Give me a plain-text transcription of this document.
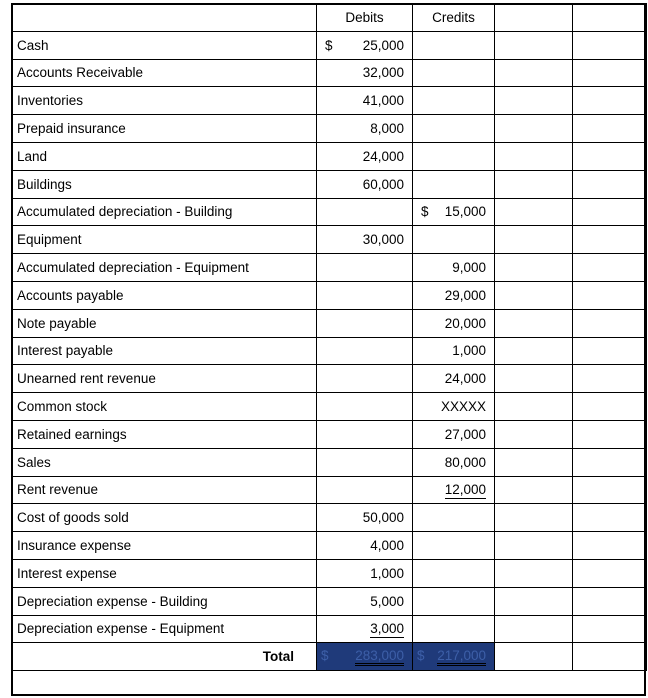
	Debits	Credits		
Cash	$ 25,000			

Accounts Receivable	32,000			
Inventories	41,000			
Prepaid insurance	8,000			
Land	24,000			
Buildings	60,000			
Accumulated depreciation - Building		$ 15,000		

Equipment	30,000			
Accumulated depreciation - Equipment		9,000		
Accounts payable		29,000		
Note payable		20,000		
Interest payable		1,000		
Unearned rent revenue		24,000		
Common stock		XXXXX		
Retained earnings		27,000		
Sales		80,000		
Rent revenue		12,000		
Cost of goods sold	50,000			
Insurance expense	4,000			
Interest expense	1,000			
Depreciation expense - Building	5,000			
Depreciation expense - Equipment	3,000			
Total	$ 283,000	$ 217,000		
